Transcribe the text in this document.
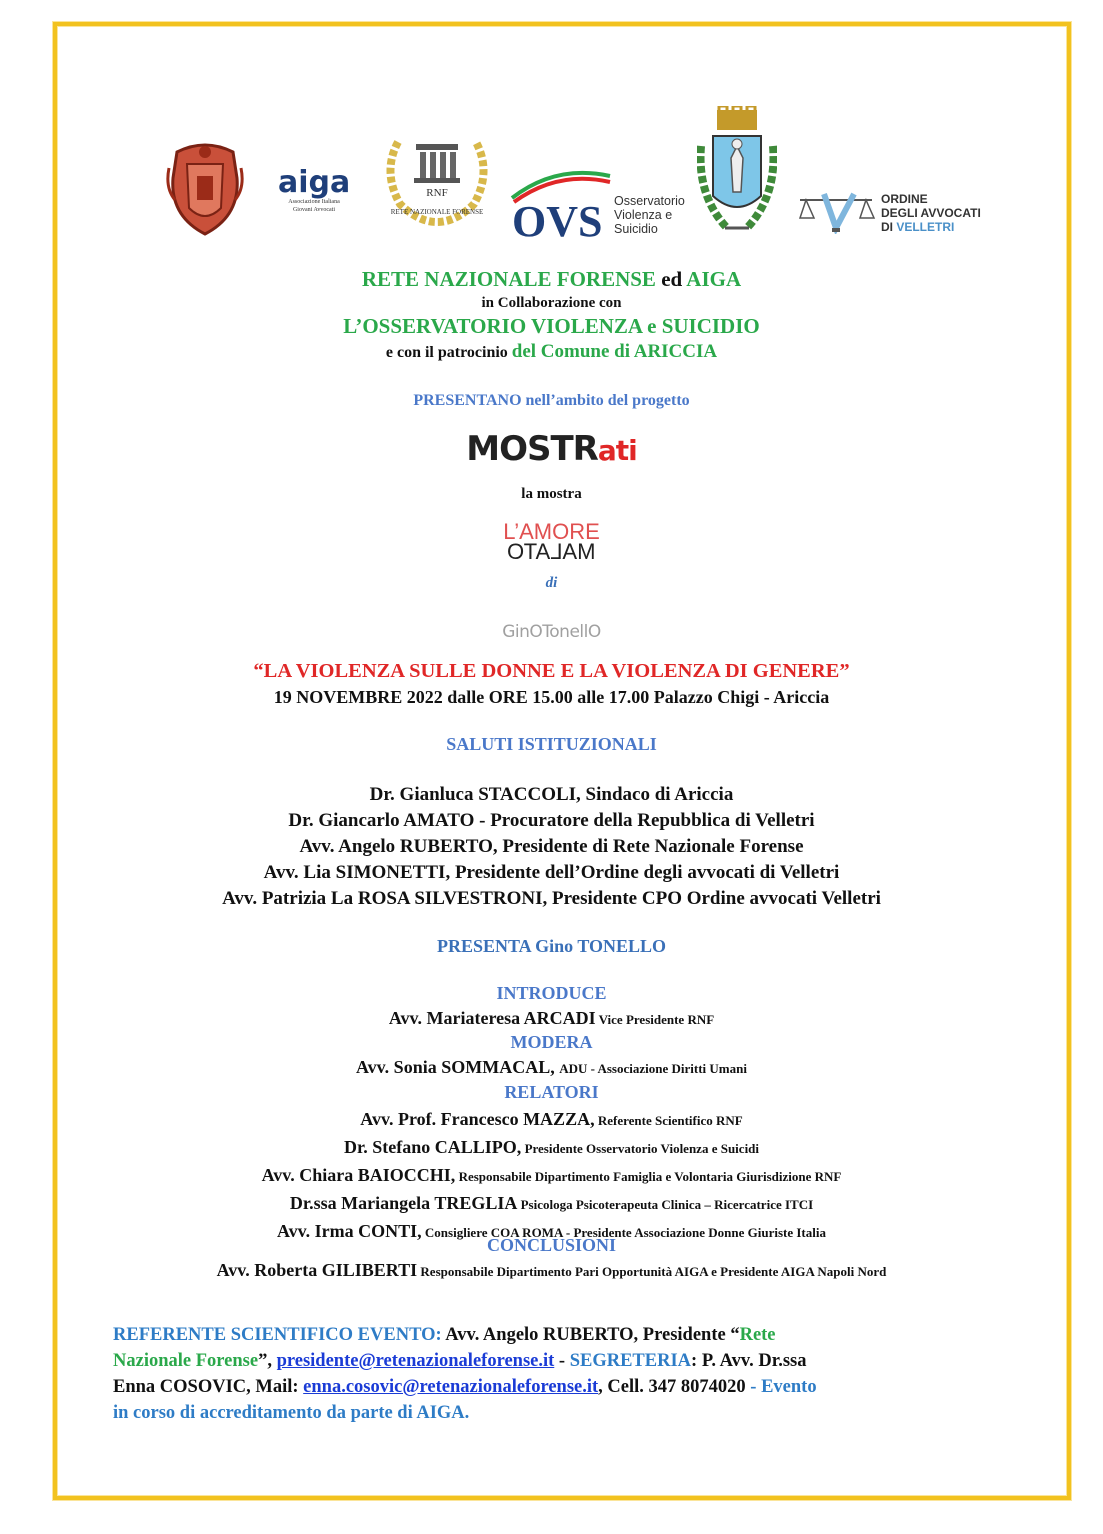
aiga
Associazione Italiana
Giovani Avvocati
RNF
RETE NAZIONALE FORENSE OVS Osservatorio
Violenza e
Suicidio
ORDINE
DEGLI AVVOCATI
DI VELLETRI
RETE NAZIONALE FORENSE ed AIGA
in Collaborazione con
L’OSSERVATORIO VIOLENZA e SUICIDIO
e con il patrocinio del Comune di ARICCIA
PRESENTANO nell’ambito del progetto
MOSTRati
la mostra
L’AMORE
MALATO
di
GinOTonellO
“LA VIOLENZA SULLE DONNE E LA VIOLENZA DI GENERE”
19 NOVEMBRE 2022 dalle ORE 15.00 alle 17.00 Palazzo Chigi - Ariccia
SALUTI ISTITUZIONALI
Dr. Gianluca STACCOLI, Sindaco di Ariccia
Dr. Giancarlo AMATO - Procuratore della Repubblica di Velletri
Avv. Angelo RUBERTO, Presidente di Rete Nazionale Forense
Avv. Lia SIMONETTI, Presidente dell’Ordine degli avvocati di Velletri
Avv. Patrizia La ROSA SILVESTRONI, Presidente CPO Ordine avvocati Velletri
PRESENTA Gino TONELLO
INTRODUCE
Avv. Mariateresa ARCADI Vice Presidente RNF
MODERA
Avv. Sonia SOMMACAL, ADU - Associazione Diritti Umani
RELATORI
Avv. Prof. Francesco MAZZA, Referente Scientifico RNF
Dr. Stefano CALLIPO, Presidente Osservatorio Violenza e Suicidi
Avv. Chiara BAIOCCHI, Responsabile Dipartimento Famiglia e Volontaria Giurisdizione RNF
Dr.ssa Mariangela TREGLIA Psicologa Psicoterapeuta Clinica – Ricercatrice ITCI
Avv. Irma CONTI, Consigliere COA ROMA - Presidente Associazione Donne Giuriste Italia
CONCLUSIONI
Avv. Roberta GILIBERTI Responsabile Dipartimento Pari Opportunità AIGA e Presidente AIGA Napoli Nord
REFERENTE SCIENTIFICO EVENTO: Avv. Angelo RUBERTO, Presidente “Rete
Nazionale Forense”, presidente@retenazionaleforense.it - SEGRETERIA: P. Avv. Dr.ssa
Enna COSOVIC, Mail: enna.cosovic@retenazionaleforense.it, Cell. 347 8074020 - Evento
in corso di accreditamento da parte di AIGA.
